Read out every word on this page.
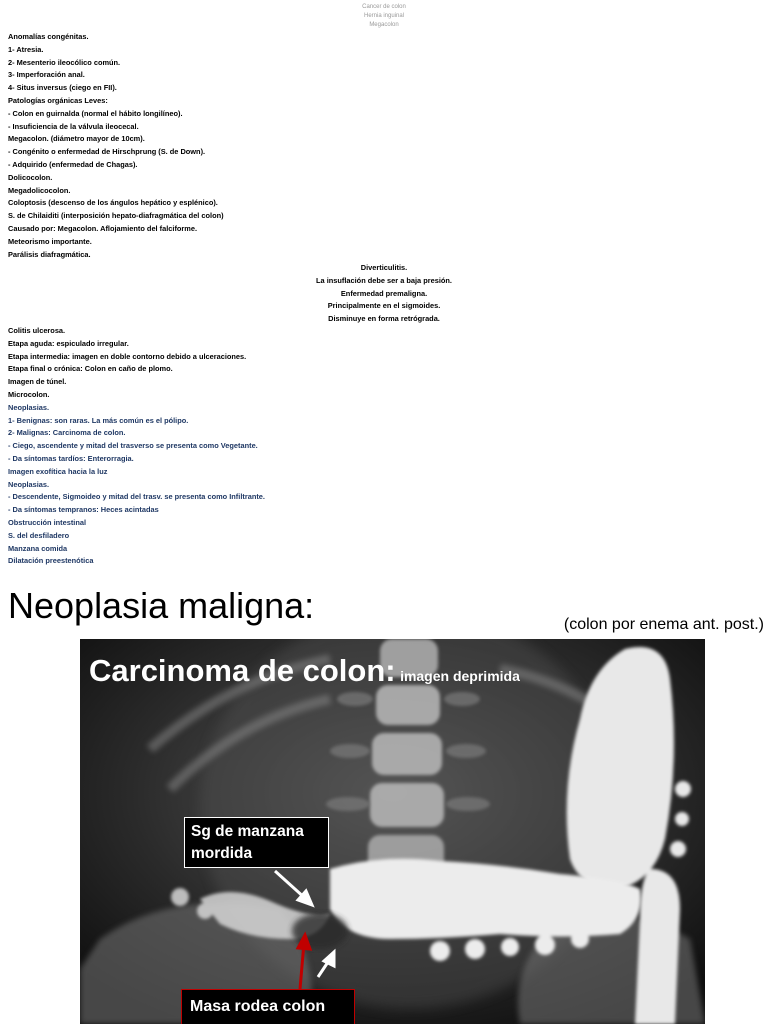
Cancer de colon
Hernia inguinal
Megacolon
Anomalías congénitas.
1- Atresia.
2- Mesenterio ileocólico común.
3- Imperforación anal.
4- Situs inversus (ciego en FII).
Patologías orgánicas Leves:
- Colon en guirnalda (normal el hábito longilíneo).
- Insuficiencia de la válvula ileocecal.
Megacolon. (diámetro mayor de 10cm).
- Congénito o enfermedad de Hirschprung (S. de Down).
- Adquirido (enfermedad de Chagas).
Dolicocolon.
Megadolicocolon.
Coloptosis (descenso de los ángulos hepático y esplénico).
S. de Chilaiditi (interposición hepato-diafragmática del colon)
Causado por: Megacolon. Aflojamiento del falciforme.
Meteorismo importante.
Parálisis diafragmática.
Diverticulitis.
La insuflación debe ser a baja presión.
Enfermedad premaligna.
Principalmente en el sigmoides.
Disminuye en forma retrógrada.
Colitis ulcerosa.
Etapa aguda: espiculado irregular.
Etapa intermedia: imagen en doble contorno debido a ulceraciones.
Etapa final o crónica: Colon en caño de plomo.
Imagen de túnel.
Microcolon.
Neoplasias.
1- Benignas: son raras. La más común es el pólipo.
2- Malignas: Carcinoma de colon.
- Ciego, ascendente y mitad del trasverso se presenta como Vegetante.
- Da síntomas tardíos: Enterorragia.
Imagen exofítica hacia la luz
Neoplasias.
- Descendente, Sigmoideo y mitad del trasv. se presenta como Infiltrante.
- Da síntomas tempranos: Heces acintadas
Obstrucción intestinal
S. del desfiladero
Manzana comida
Dilatación preestenótica
Neoplasia maligna:	(colon por enema ant. post.)
Carcinoma de colon: imagen deprimida
Sg de manzana
mordida
Masa rodea colon
